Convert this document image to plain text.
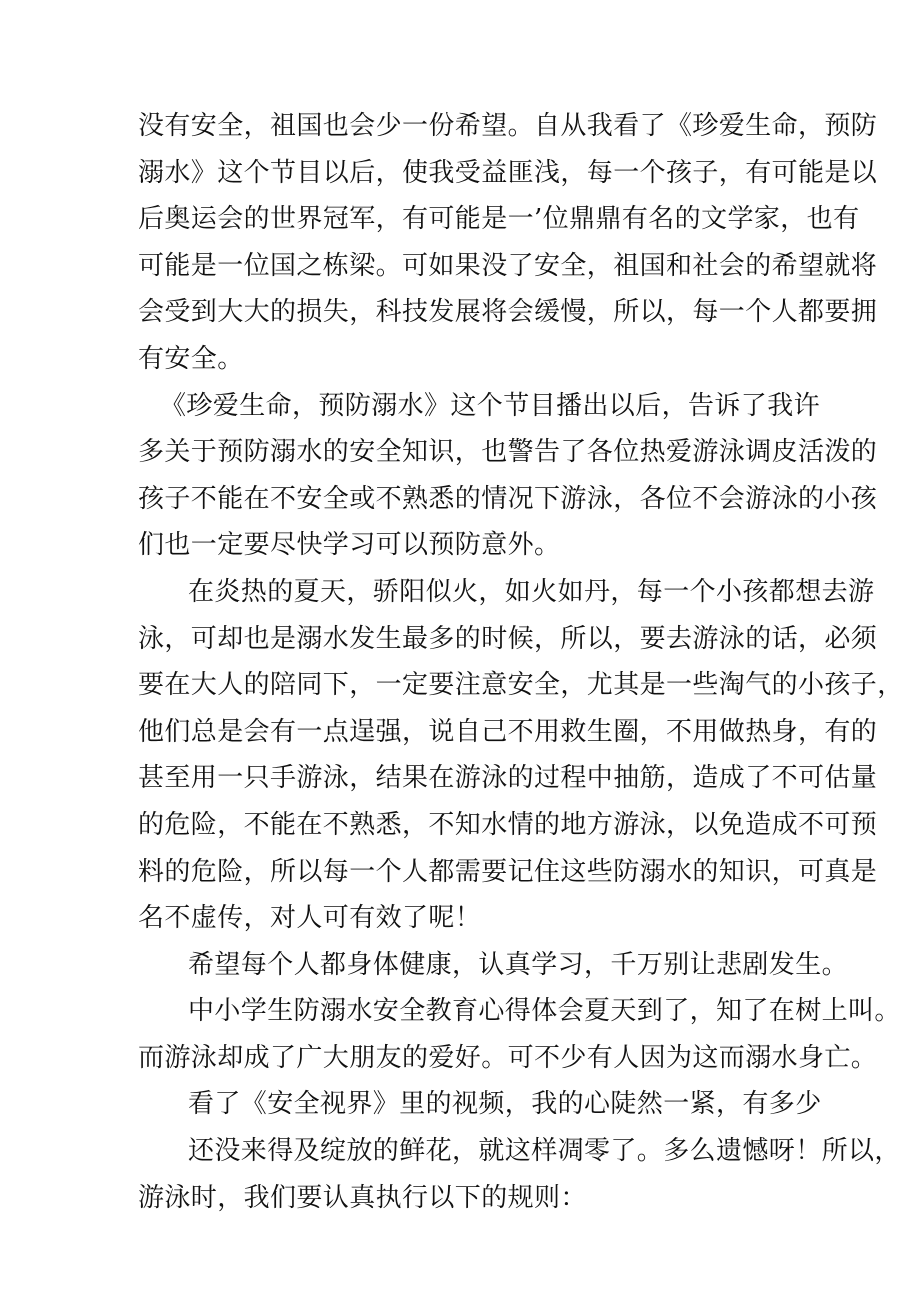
没有安全，祖国也会少一份希望。自从我看了《珍爱生命，预防
溺水》这个节目以后，使我受益匪浅，每一个孩子，有可能是以
后奥运会的世界冠军，有可能是一’位鼎鼎有名的文学家，也有
可能是一位国之栋梁。可如果没了安全，祖国和社会的希望就将
会受到大大的损失，科技发展将会缓慢，所以，每一个人都要拥
有安全。
《珍爱生命，预防溺水》这个节目播出以后，告诉了我许
多关于预防溺水的安全知识，也警告了各位热爱游泳调皮活泼的
孩子不能在不安全或不熟悉的情况下游泳，各位不会游泳的小孩
们也一定要尽快学习可以预防意外。
在炎热的夏天，骄阳似火，如火如丹，每一个小孩都想去游
泳，可却也是溺水发生最多的时候，所以，要去游泳的话，必须
要在大人的陪同下，一定要注意安全，尤其是一些淘气的小孩子，
他们总是会有一点逞强，说自己不用救生圈，不用做热身，有的
甚至用一只手游泳，结果在游泳的过程中抽筋，造成了不可估量
的危险，不能在不熟悉，不知水情的地方游泳，以免造成不可预
料的危险，所以每一个人都需要记住这些防溺水的知识，可真是
名不虚传，对人可有效了呢！
希望每个人都身体健康，认真学习，千万别让悲剧发生。
中小学生防溺水安全教育心得体会夏天到了，知了在树上叫。
而游泳却成了广大朋友的爱好。可不少有人因为这而溺水身亡。
看了《安全视界》里的视频，我的心陡然一紧，有多少
还没来得及绽放的鲜花，就这样凋零了。多么遗憾呀！所以，
游泳时，我们要认真执行以下的规则：
